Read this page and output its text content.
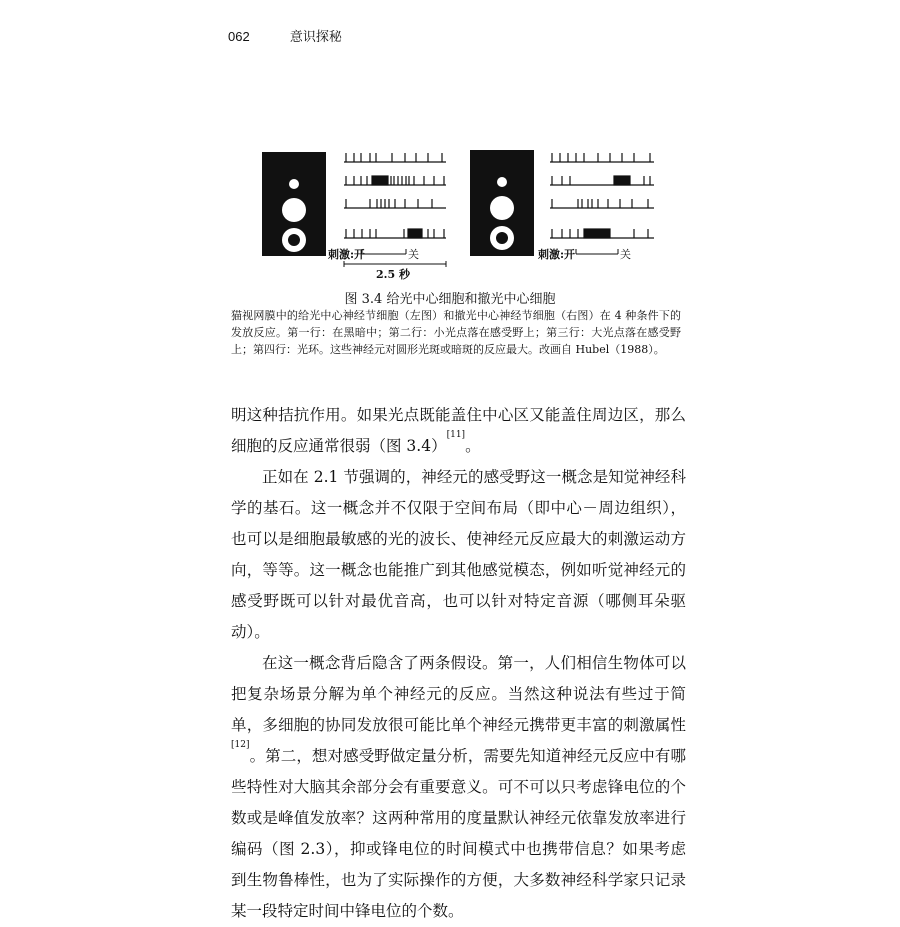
062	意识探秘
刺激:开	关
2.5 秒
刺激:开	关
图 3.4 给光中心细胞和撤光中心细胞
猫视网膜中的给光中心神经节细胞（左图）和撤光中心神经节细胞（右图）在 4 种条件下的发放反应。第一行：在黑暗中；第二行：小光点落在感受野上；第三行：大光点落在感受野上；第四行：光环。这些神经元对圆形光斑或暗斑的反应最大。改画自 Hubel（1988）。

明这种拮抗作用。如果光点既能盖住中心区又能盖住周边区，那么细胞的反应通常很弱（图 3.4）[11]。

正如在 2.1 节强调的，神经元的感受野这一概念是知觉神经科学的基石。这一概念并不仅限于空间布局（即中心－周边组织），也可以是细胞最敏感的光的波长、使神经元反应最大的刺激运动方向，等等。这一概念也能推广到其他感觉模态，例如听觉神经元的感受野既可以针对最优音高，也可以针对特定音源（哪侧耳朵驱动）。

在这一概念背后隐含了两条假设。第一，人们相信生物体可以把复杂场景分解为单个神经元的反应。当然这种说法有些过于简单，多细胞的协同发放很可能比单个神经元携带更丰富的刺激属性[12]。第二，想对感受野做定量分析，需要先知道神经元反应中有哪些特性对大脑其余部分会有重要意义。可不可以只考虑锋电位的个数或是峰值发放率？这两种常用的度量默认神经元依靠发放率进行编码（图 2.3），抑或锋电位的时间模式中也携带信息？如果考虑到生物鲁棒性，也为了实际操作的方便，大多数神经科学家只记录某一段特定时间中锋电位的个数。
